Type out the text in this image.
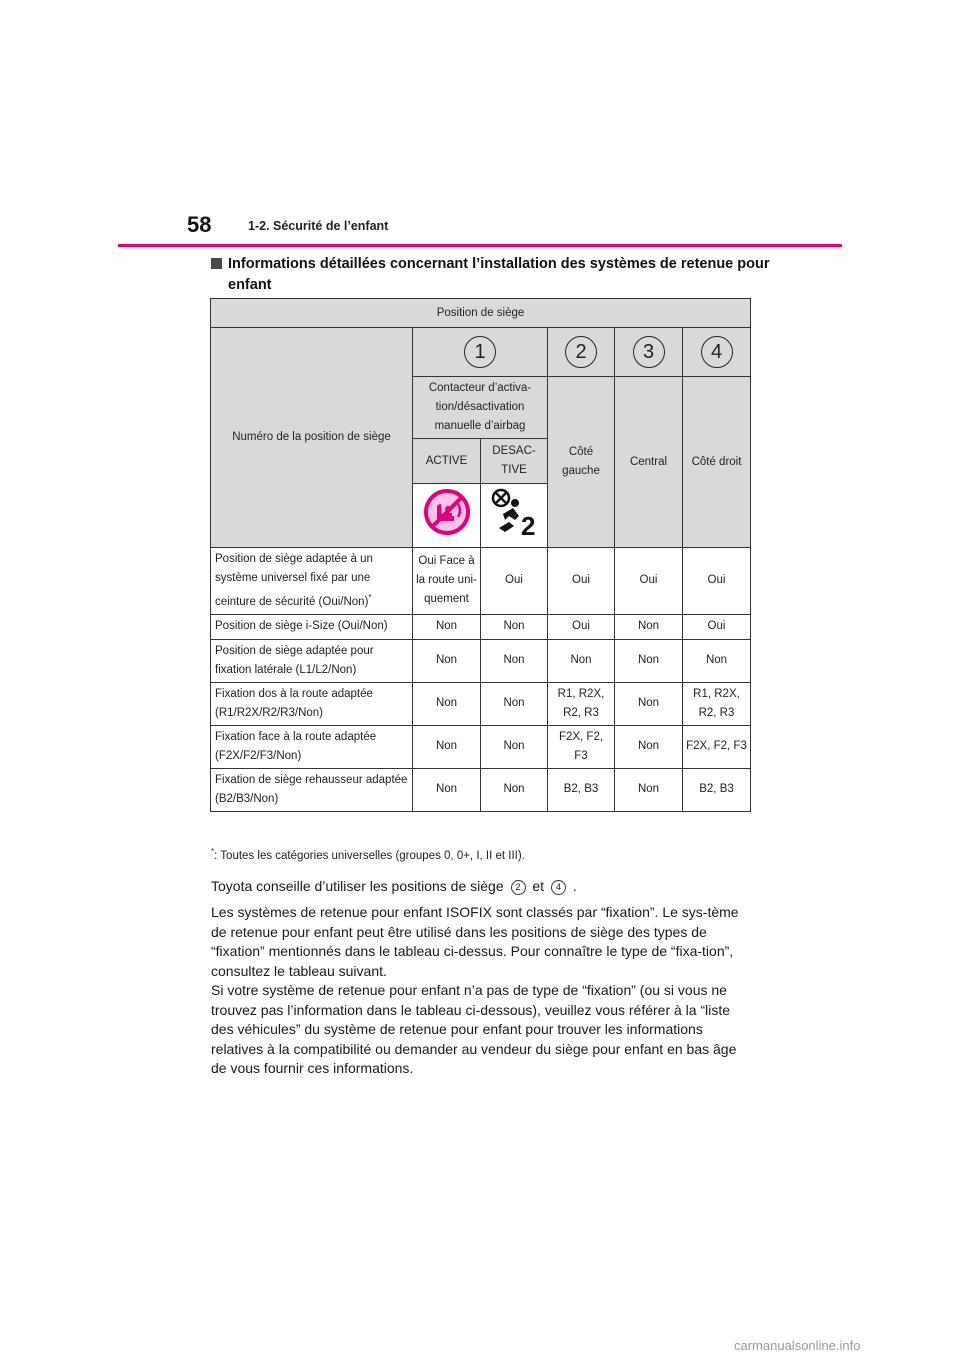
58	1-2. Sécurité de l’enfant
Informations détaillées concernant l’installation des systèmes de retenue pour enfant
Position de siège					
Numéro de la position de siège	1		2	3	4
	Contacteur d’activa-tion/désactivation manuelle d’airbag		Côté gauche	Central	Côté droit
	ACTIVE	DESAC-TIVE			

2			

Position de siège adaptée à un système universel fixé par une ceinture de sécurité (Oui/Non)*	Oui Face à la route uni-quement	Oui	Oui	Oui	Oui
Position de siège i-Size (Oui/Non)	Non	Non	Oui	Non	Oui
Position de siège adaptée pour fixation latérale (L1/L2/Non)	Non	Non	Non	Non	Non
Fixation dos à la route adaptée (R1/R2X/R2/R3/Non)	Non	Non	R1, R2X, R2, R3	Non	R1, R2X, R2, R3
Fixation face à la route adaptée (F2X/F2/F3/Non)	Non	Non	F2X, F2, F3	Non	F2X, F2, F3
Fixation de siège rehausseur adaptée (B2/B3/Non)	Non	Non	B2, B3	Non	B2, B3
*: Toutes les catégories universelles (groupes 0, 0+, I, II et III).
Toyota conseille d’utiliser les positions de siège 2 et 4 .
Les systèmes de retenue pour enfant ISOFIX sont classés par “fixation”. Le sys-tème de retenue pour enfant peut être utilisé dans les positions de siège des types de “fixation” mentionnés dans le tableau ci-dessus. Pour connaître le type de “fixa-tion”, consultez le tableau suivant.
Si votre système de retenue pour enfant n’a pas de type de “fixation” (ou si vous ne trouvez pas l’information dans le tableau ci-dessous), veuillez vous référer à la “liste des véhicules” du système de retenue pour enfant pour trouver les informations relatives à la compatibilité ou demander au vendeur du siège pour enfant en bas âge de vous fournir ces informations.
carmanualsonline.info
